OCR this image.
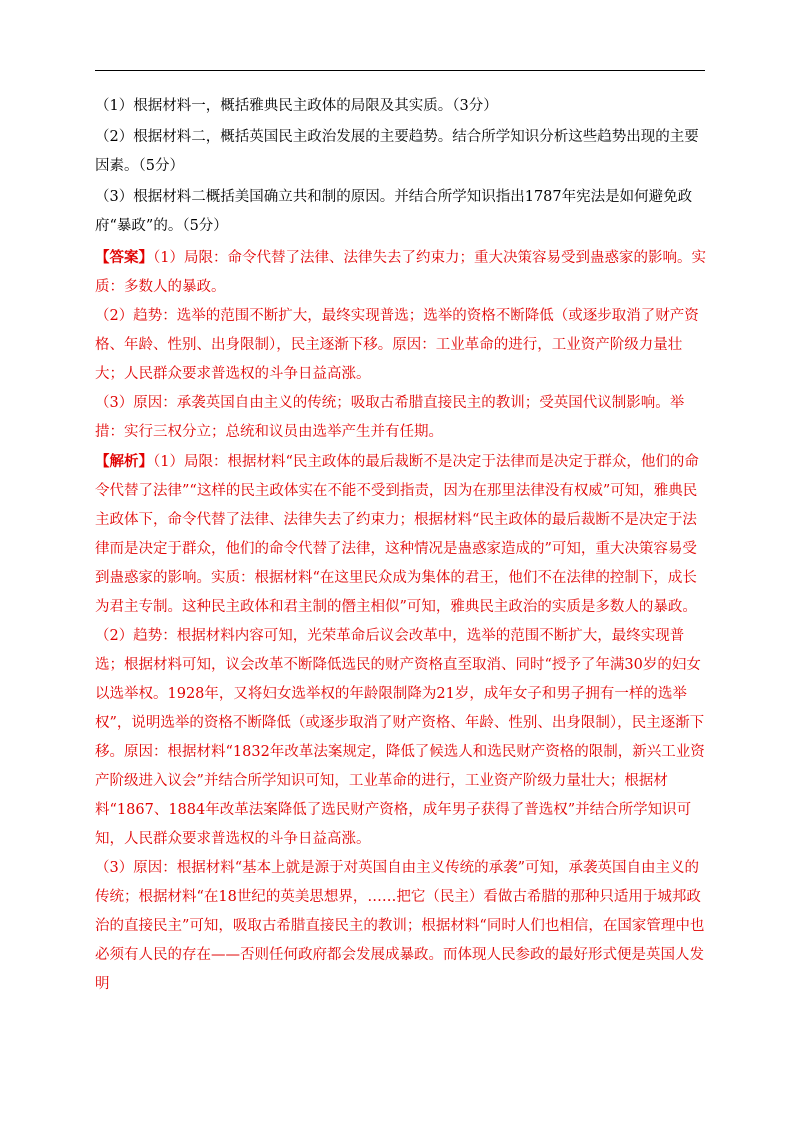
（1）根据材料一，概括雅典民主政体的局限及其实质。（3分）

（2）根据材料二，概括英国民主政治发展的主要趋势。结合所学知识分析这些趋势出现的主要因素。（5分）

（3）根据材料二概括美国确立共和制的原因。并结合所学知识指出1787年宪法是如何避免政府“暴政”的。（5分）

【答案】（1）局限：命令代替了法律、法律失去了约束力；重大决策容易受到蛊惑家的影响。实质：多数人的暴政。

（2）趋势：选举的范围不断扩大，最终实现普选；选举的资格不断降低（或逐步取消了财产资格、年龄、性别、出身限制），民主逐渐下移。原因：工业革命的进行，工业资产阶级力量壮大；人民群众要求普选权的斗争日益高涨。

（3）原因：承袭英国自由主义的传统；吸取古希腊直接民主的教训；受英国代议制影响。举措：实行三权分立；总统和议员由选举产生并有任期。

【解析】（1）局限：根据材料“民主政体的最后裁断不是决定于法律而是决定于群众，他们的命令代替了法律”“这样的民主政体实在不能不受到指责，因为在那里法律没有权威”可知，雅典民主政体下，命令代替了法律、法律失去了约束力；根据材料“民主政体的最后裁断不是决定于法律而是决定于群众，他们的命令代替了法律，这种情况是蛊惑家造成的”可知，重大决策容易受到蛊惑家的影响。实质：根据材料“在这里民众成为集体的君王，他们不在法律的控制下，成长为君主专制。这种民主政体和君主制的僭主相似”可知，雅典民主政治的实质是多数人的暴政。

（2）趋势：根据材料内容可知，光荣革命后议会改革中，选举的范围不断扩大，最终实现普选；根据材料可知，议会改革不断降低选民的财产资格直至取消、同时“授予了年满30岁的妇女以选举权。1928年，又将妇女选举权的年龄限制降为21岁，成年女子和男子拥有一样的选举权”，说明选举的资格不断降低（或逐步取消了财产资格、年龄、性别、出身限制），民主逐渐下移。原因：根据材料“1832年改革法案规定，降低了候选人和选民财产资格的限制，新兴工业资产阶级进入议会”并结合所学知识可知，工业革命的进行，工业资产阶级力量壮大；根据材料“1867、1884年改革法案降低了选民财产资格，成年男子获得了普选权”并结合所学知识可知，人民群众要求普选权的斗争日益高涨。

（3）原因：根据材料“基本上就是源于对英国自由主义传统的承袭”可知，承袭英国自由主义的传统；根据材料“在18世纪的英美思想界，……把它（民主）看做古希腊的那种只适用于城邦政治的直接民主”可知，吸取古希腊直接民主的教训；根据材料“同时人们也相信，在国家管理中也必须有人民的存在——否则任何政府都会发展成暴政。而体现人民参政的最好形式便是英国人发明
